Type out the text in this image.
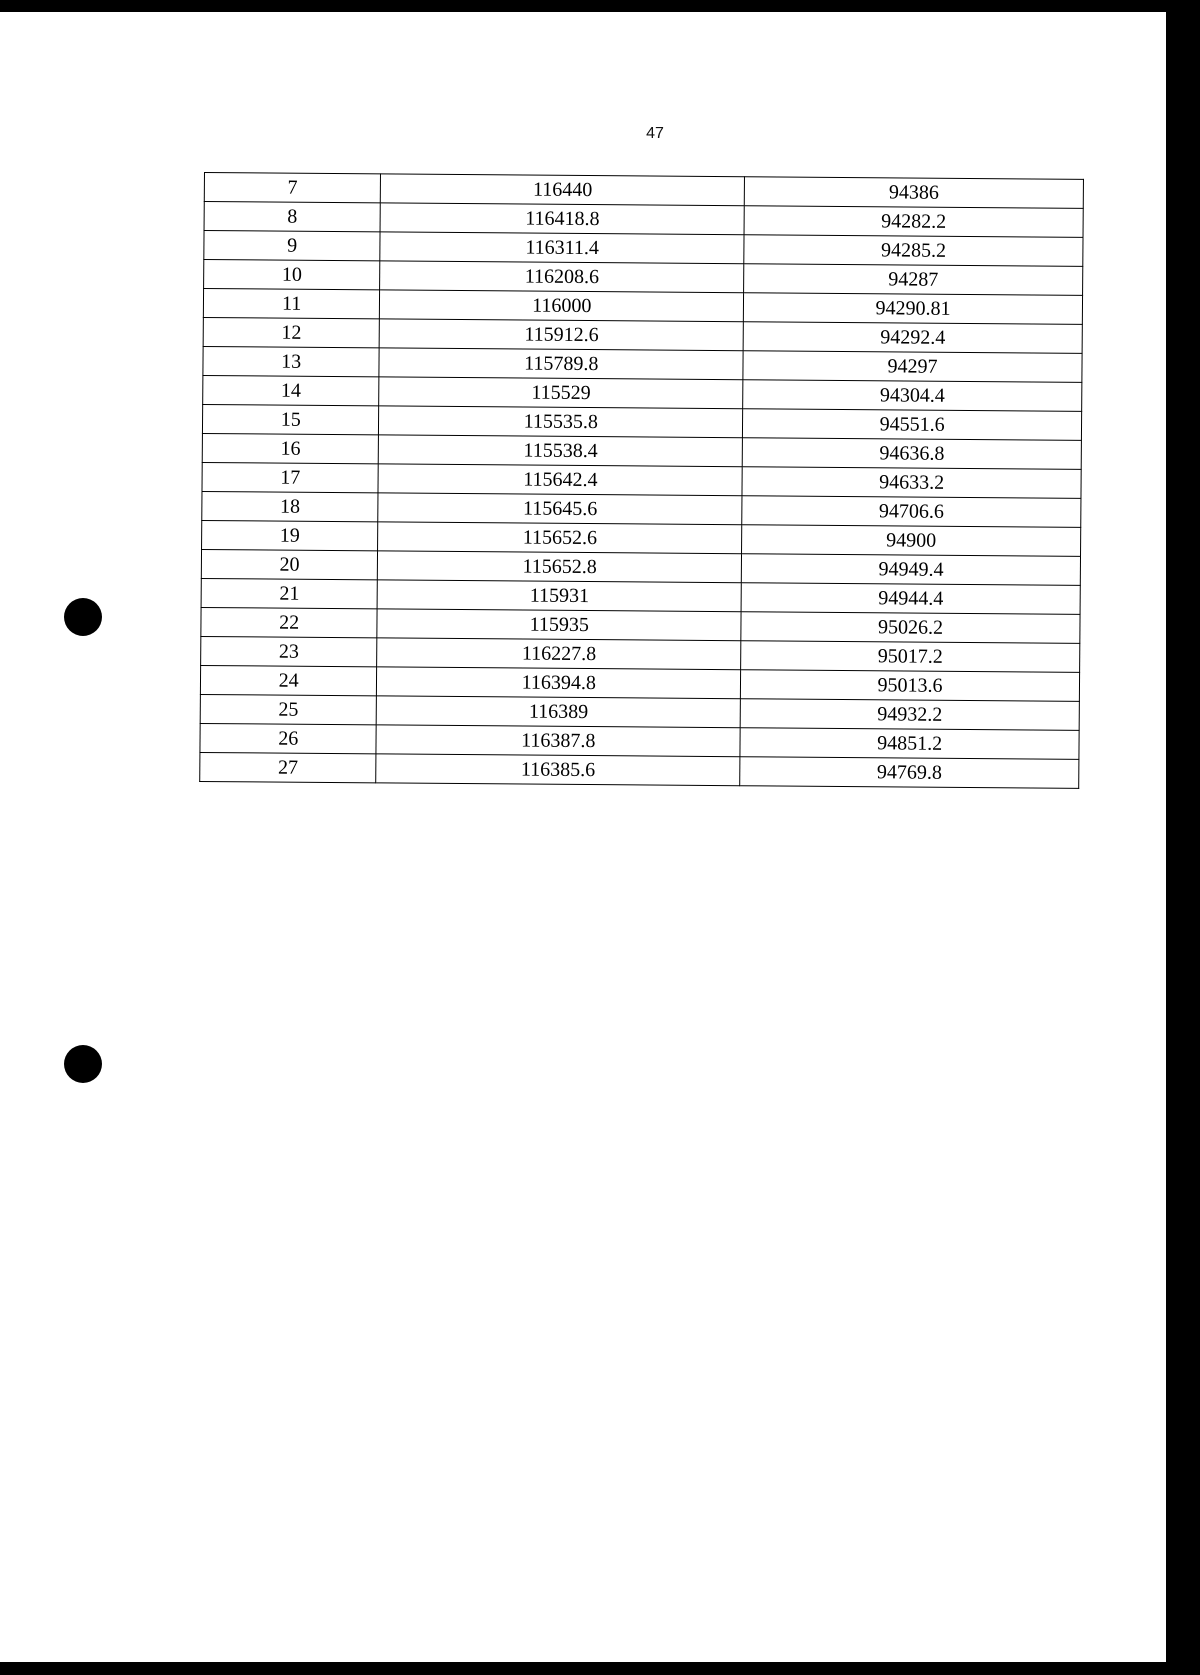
47
7	116440	94386
8	116418.8	94282.2
9	116311.4	94285.2
10	116208.6	94287
11	116000	94290.81
12	115912.6	94292.4
13	115789.8	94297
14	115529	94304.4
15	115535.8	94551.6
16	115538.4	94636.8
17	115642.4	94633.2
18	115645.6	94706.6
19	115652.6	94900
20	115652.8	94949.4
21	115931	94944.4
22	115935	95026.2
23	116227.8	95017.2
24	116394.8	95013.6
25	116389	94932.2
26	116387.8	94851.2
27	116385.6	94769.8
